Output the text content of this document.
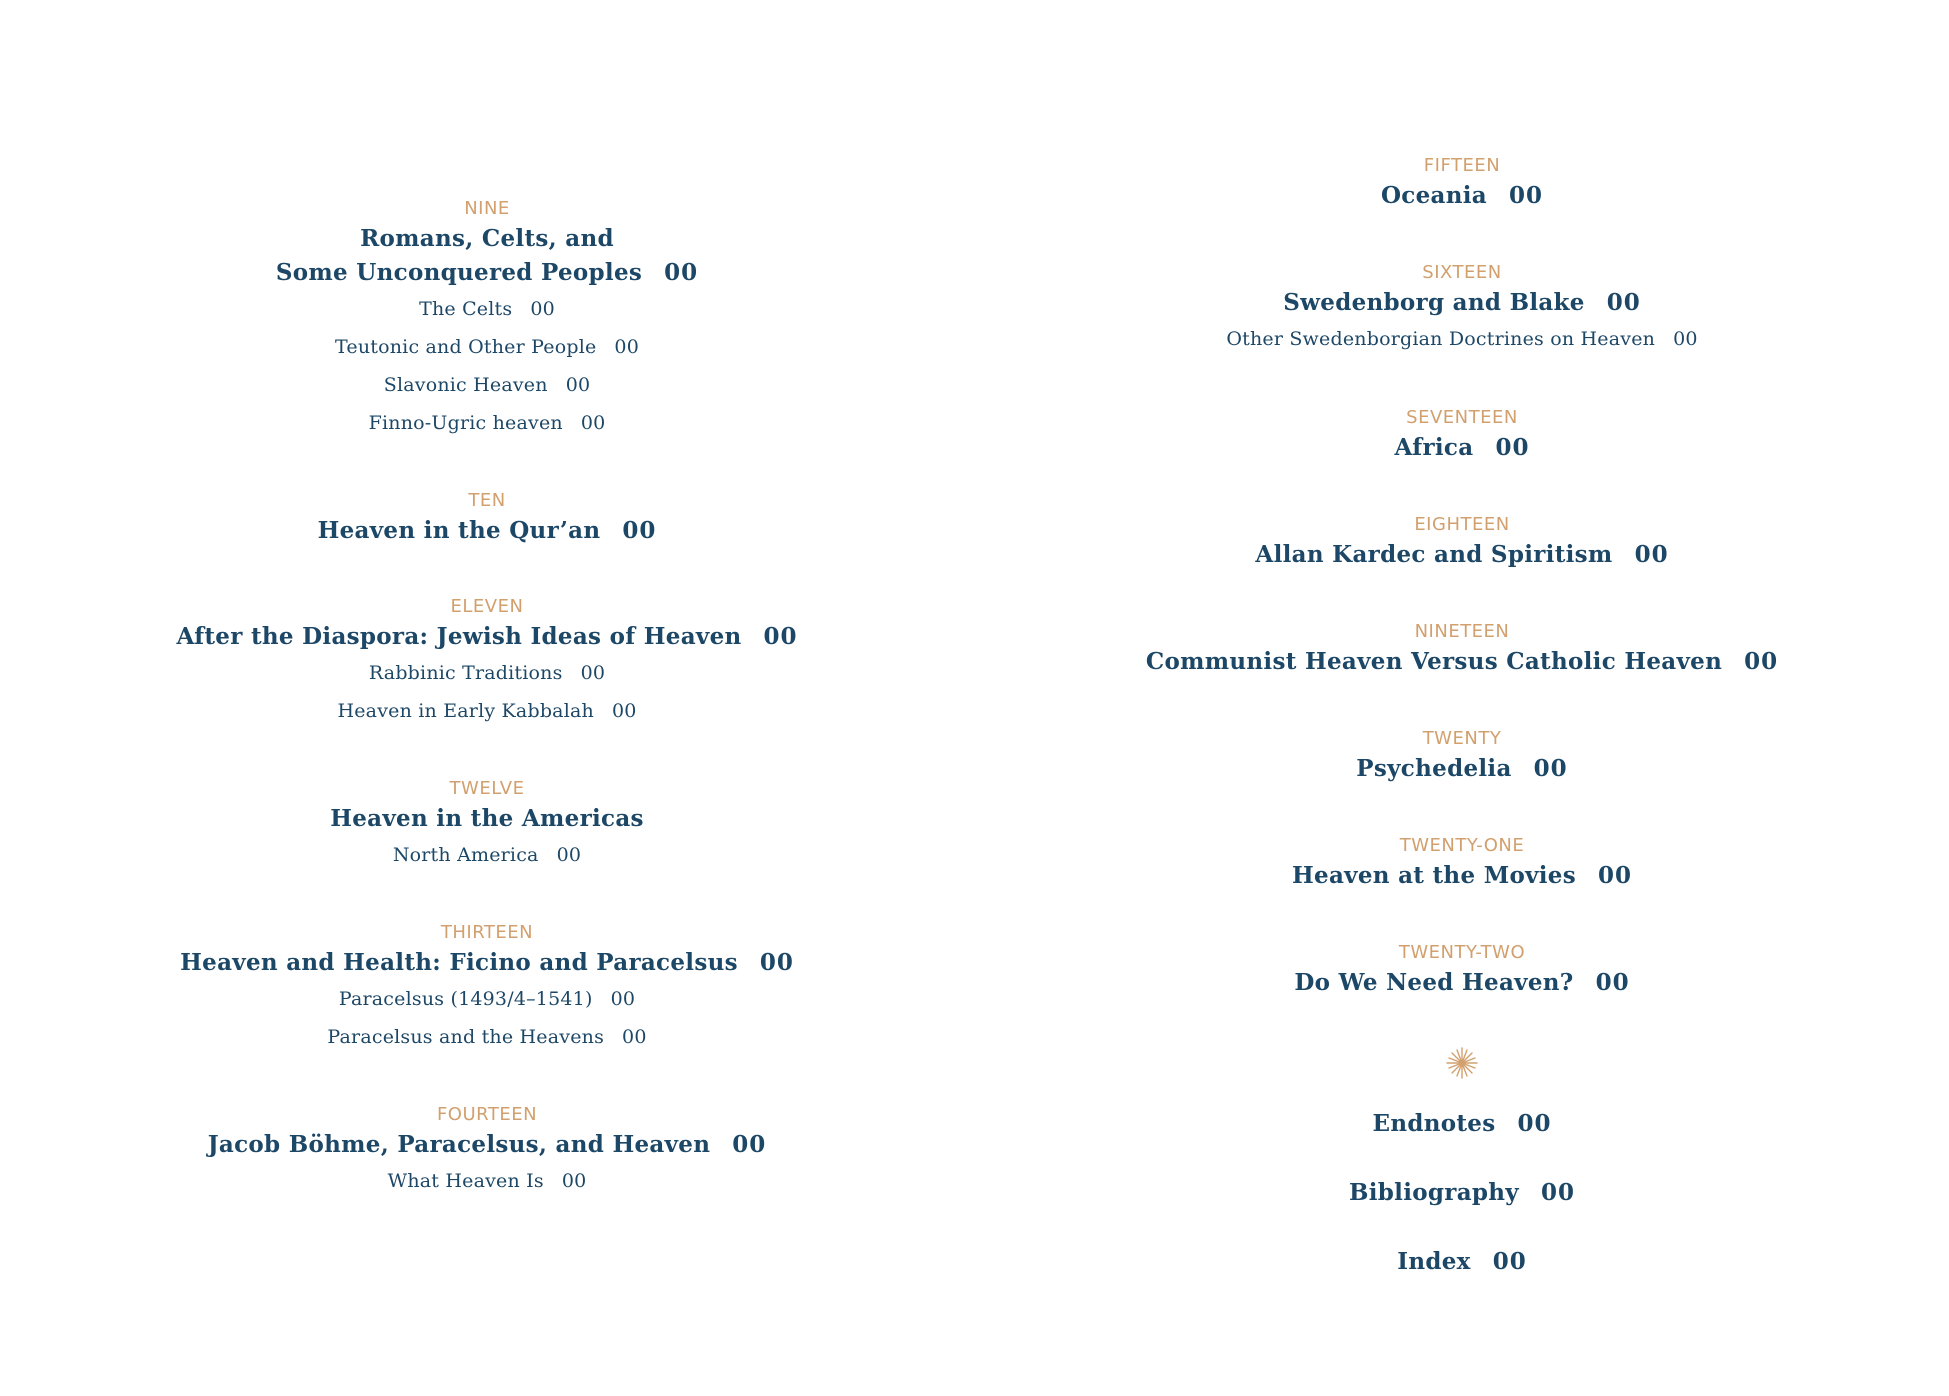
NINE
Romans, Celts, and
Some Unconquered Peoples 00
The Celts 00
Teutonic and Other People 00
Slavonic Heaven 00
Finno-Ugric heaven 00
TEN
Heaven in the Qur’an 00
ELEVEN
After the Diaspora: Jewish Ideas of Heaven 00
Rabbinic Traditions 00
Heaven in Early Kabbalah 00
TWELVE
Heaven in the Americas
North America 00
THIRTEEN
Heaven and Health: Ficino and Paracelsus 00
Paracelsus (1493/4–1541) 00
Paracelsus and the Heavens 00
FOURTEEN
Jacob Böhme, Paracelsus, and Heaven 00
What Heaven Is 00
FIFTEEN
Oceania 00
SIXTEEN
Swedenborg and Blake 00
Other Swedenborgian Doctrines on Heaven 00
SEVENTEEN
Africa 00
EIGHTEEN
Allan Kardec and Spiritism 00
NINETEEN
Communist Heaven Versus Catholic Heaven 00
TWENTY
Psychedelia 00
TWENTY-ONE
Heaven at the Movies 00
TWENTY-TWO
Do We Need Heaven? 00
Endnotes 00
Bibliography 00
Index 00
